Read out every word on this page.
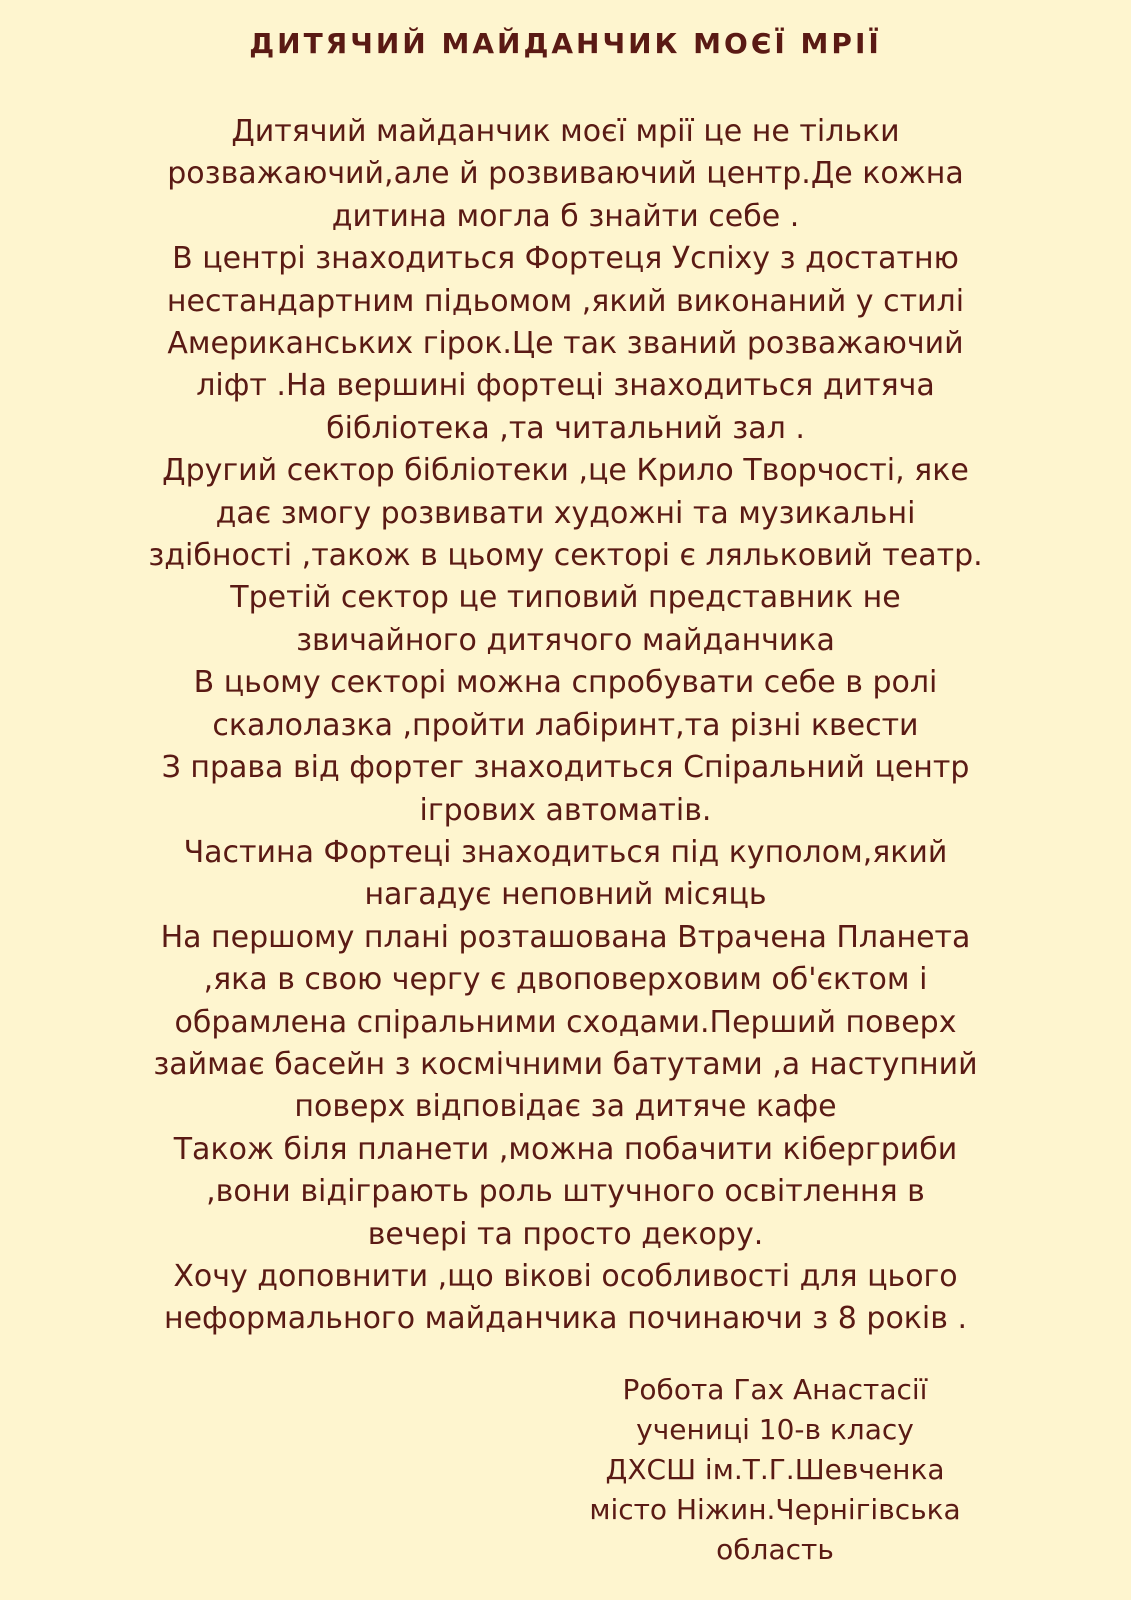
ДИТЯЧИЙ МАЙДАНЧИК МОЄЇ МРІЇ
Дитячий майданчик моєї мрії це не тільки
розважаючий,але й розвиваючий центр.Де кожна
дитина могла б знайти себе .
В центрі знаходиться Фортеця Успіху з достатню
нестандартним підьомом ,який виконаний у стилі
Американських гірок.Це так званий розважаючий
ліфт .На вершині фортеці знаходиться дитяча
бібліотека ,та читальний зал .
Другий сектор бібліотеки ,це Крило Творчості, яке
дає змогу розвивати художні та музикальні
здібності ,також в цьому секторі є ляльковий театр.
Третій сектор це типовий представник не
звичайного дитячого майданчика
В цьому секторі можна спробувати себе в ролі
скалолазка ,пройти лабіринт,та різні квести
З права від фортег знаходиться Спіральний центр
ігрових автоматів.
Частина Фортеці знаходиться під куполом,який
нагадує неповний місяць
На першому плані розташована Втрачена Планета
,яка в свою чергу є двоповерховим обꞌєктом і
обрамлена спіральними сходами.Перший поверх
займає басейн з космічними батутами ,а наступний
поверх відповідає за дитяче кафе
Також біля планети ,можна побачити кібергриби
,вони відіграють роль штучного освітлення в
вечері та просто декору.
Хочу доповнити ,що вікові особливості для цього
неформального майданчика починаючи з 8 років .
Робота Гах Анастасії
учениці 10-в класу
ДХСШ ім.Т.Г.Шевченка
місто Ніжин.Чернігівська
область
